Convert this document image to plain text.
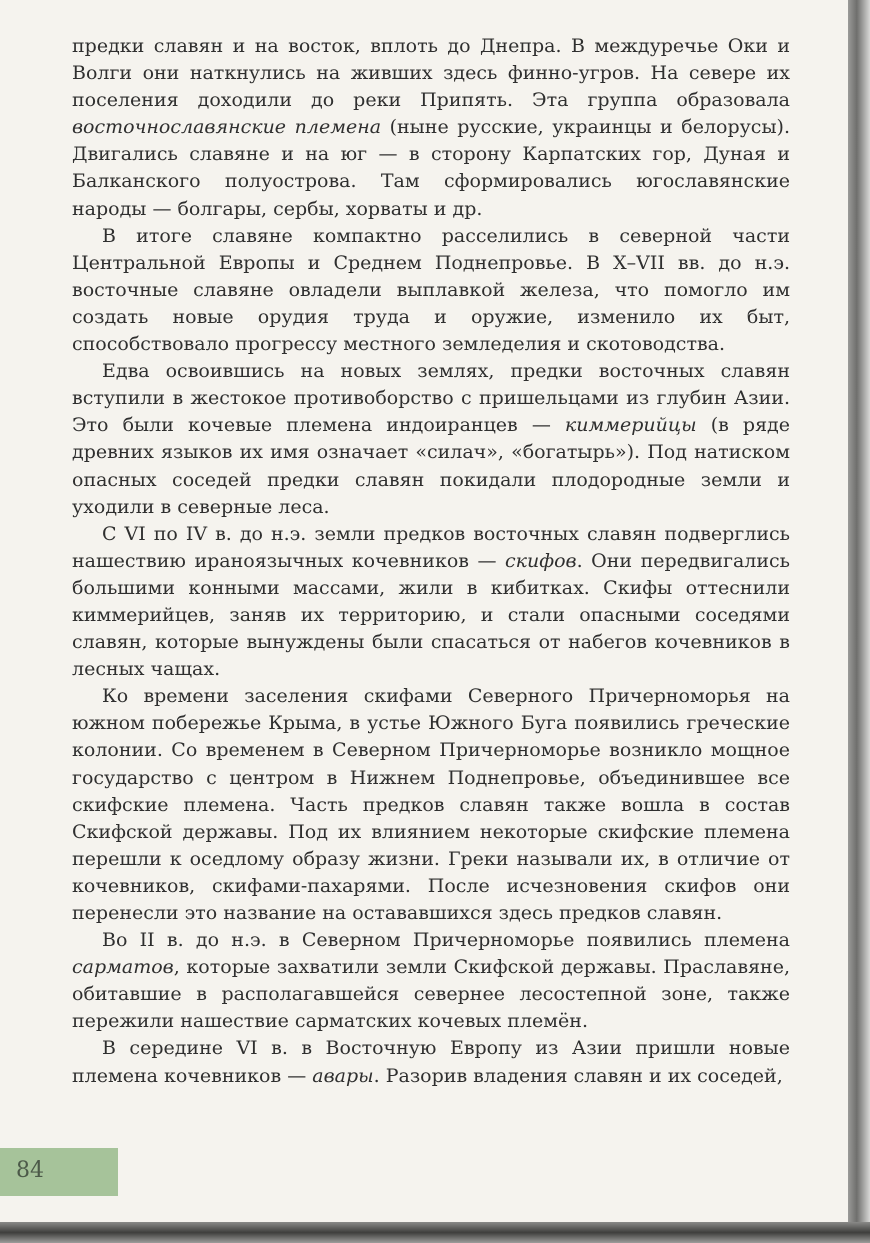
предки славян и на восток, вплоть до Днепра. В междуречье Оки и Волги они наткнулись на живших здесь финно-угров. На севере их поселения доходили до реки Припять. Эта группа образовала восточнославянские племена (ныне русские, украинцы и белорусы). Двигались славяне и на юг — в сторону Карпатских гор, Дуная и Балканского полуострова. Там сформировались югославянские народы — болгары, сербы, хорваты и др.

В итоге славяне компактно расселились в северной части Центральной Европы и Среднем Поднепровье. В X–VII вв. до н.э. восточные славяне овладели выплавкой железа, что помогло им создать новые орудия труда и оружие, изменило их быт, способствовало прогрессу местного земледелия и скотоводства.

Едва освоившись на новых землях, предки восточных славян вступили в жестокое противоборство с пришельцами из глубин Азии. Это были кочевые племена индоиранцев — киммерийцы (в ряде древних языков их имя означает «силач», «богатырь»). Под натиском опасных соседей предки славян покидали плодородные земли и уходили в северные леса.

С VI по IV в. до н.э. земли предков восточных славян подверглись нашествию ираноязычных кочевников — скифов. Они передвигались большими конными массами, жили в кибитках. Скифы оттеснили киммерийцев, заняв их территорию, и стали опасными соседями славян, которые вынуждены были спасаться от набегов кочевников в лесных чащах.

Ко времени заселения скифами Северного Причерноморья на южном побережье Крыма, в устье Южного Буга появились греческие колонии. Со временем в Северном Причерноморье возникло мощное государство с центром в Нижнем Поднепровье, объединившее все скифские племена. Часть предков славян также вошла в состав Скифской державы. Под их влиянием некоторые скифские племена перешли к оседлому образу жизни. Греки называли их, в отличие от кочевников, скифами-пахарями. После исчезновения скифов они перенесли это название на остававшихся здесь предков славян.

Во II в. до н.э. в Северном Причерноморье появились племена сарматов, которые захватили земли Скифской державы. Праславяне, обитавшие в располагавшейся севернее лесостепной зоне, также пережили нашествие сарматских кочевых племён.

В середине VI в. в Восточную Европу из Азии пришли новые племена кочевников — авары. Разорив владения славян и их соседей,

84
